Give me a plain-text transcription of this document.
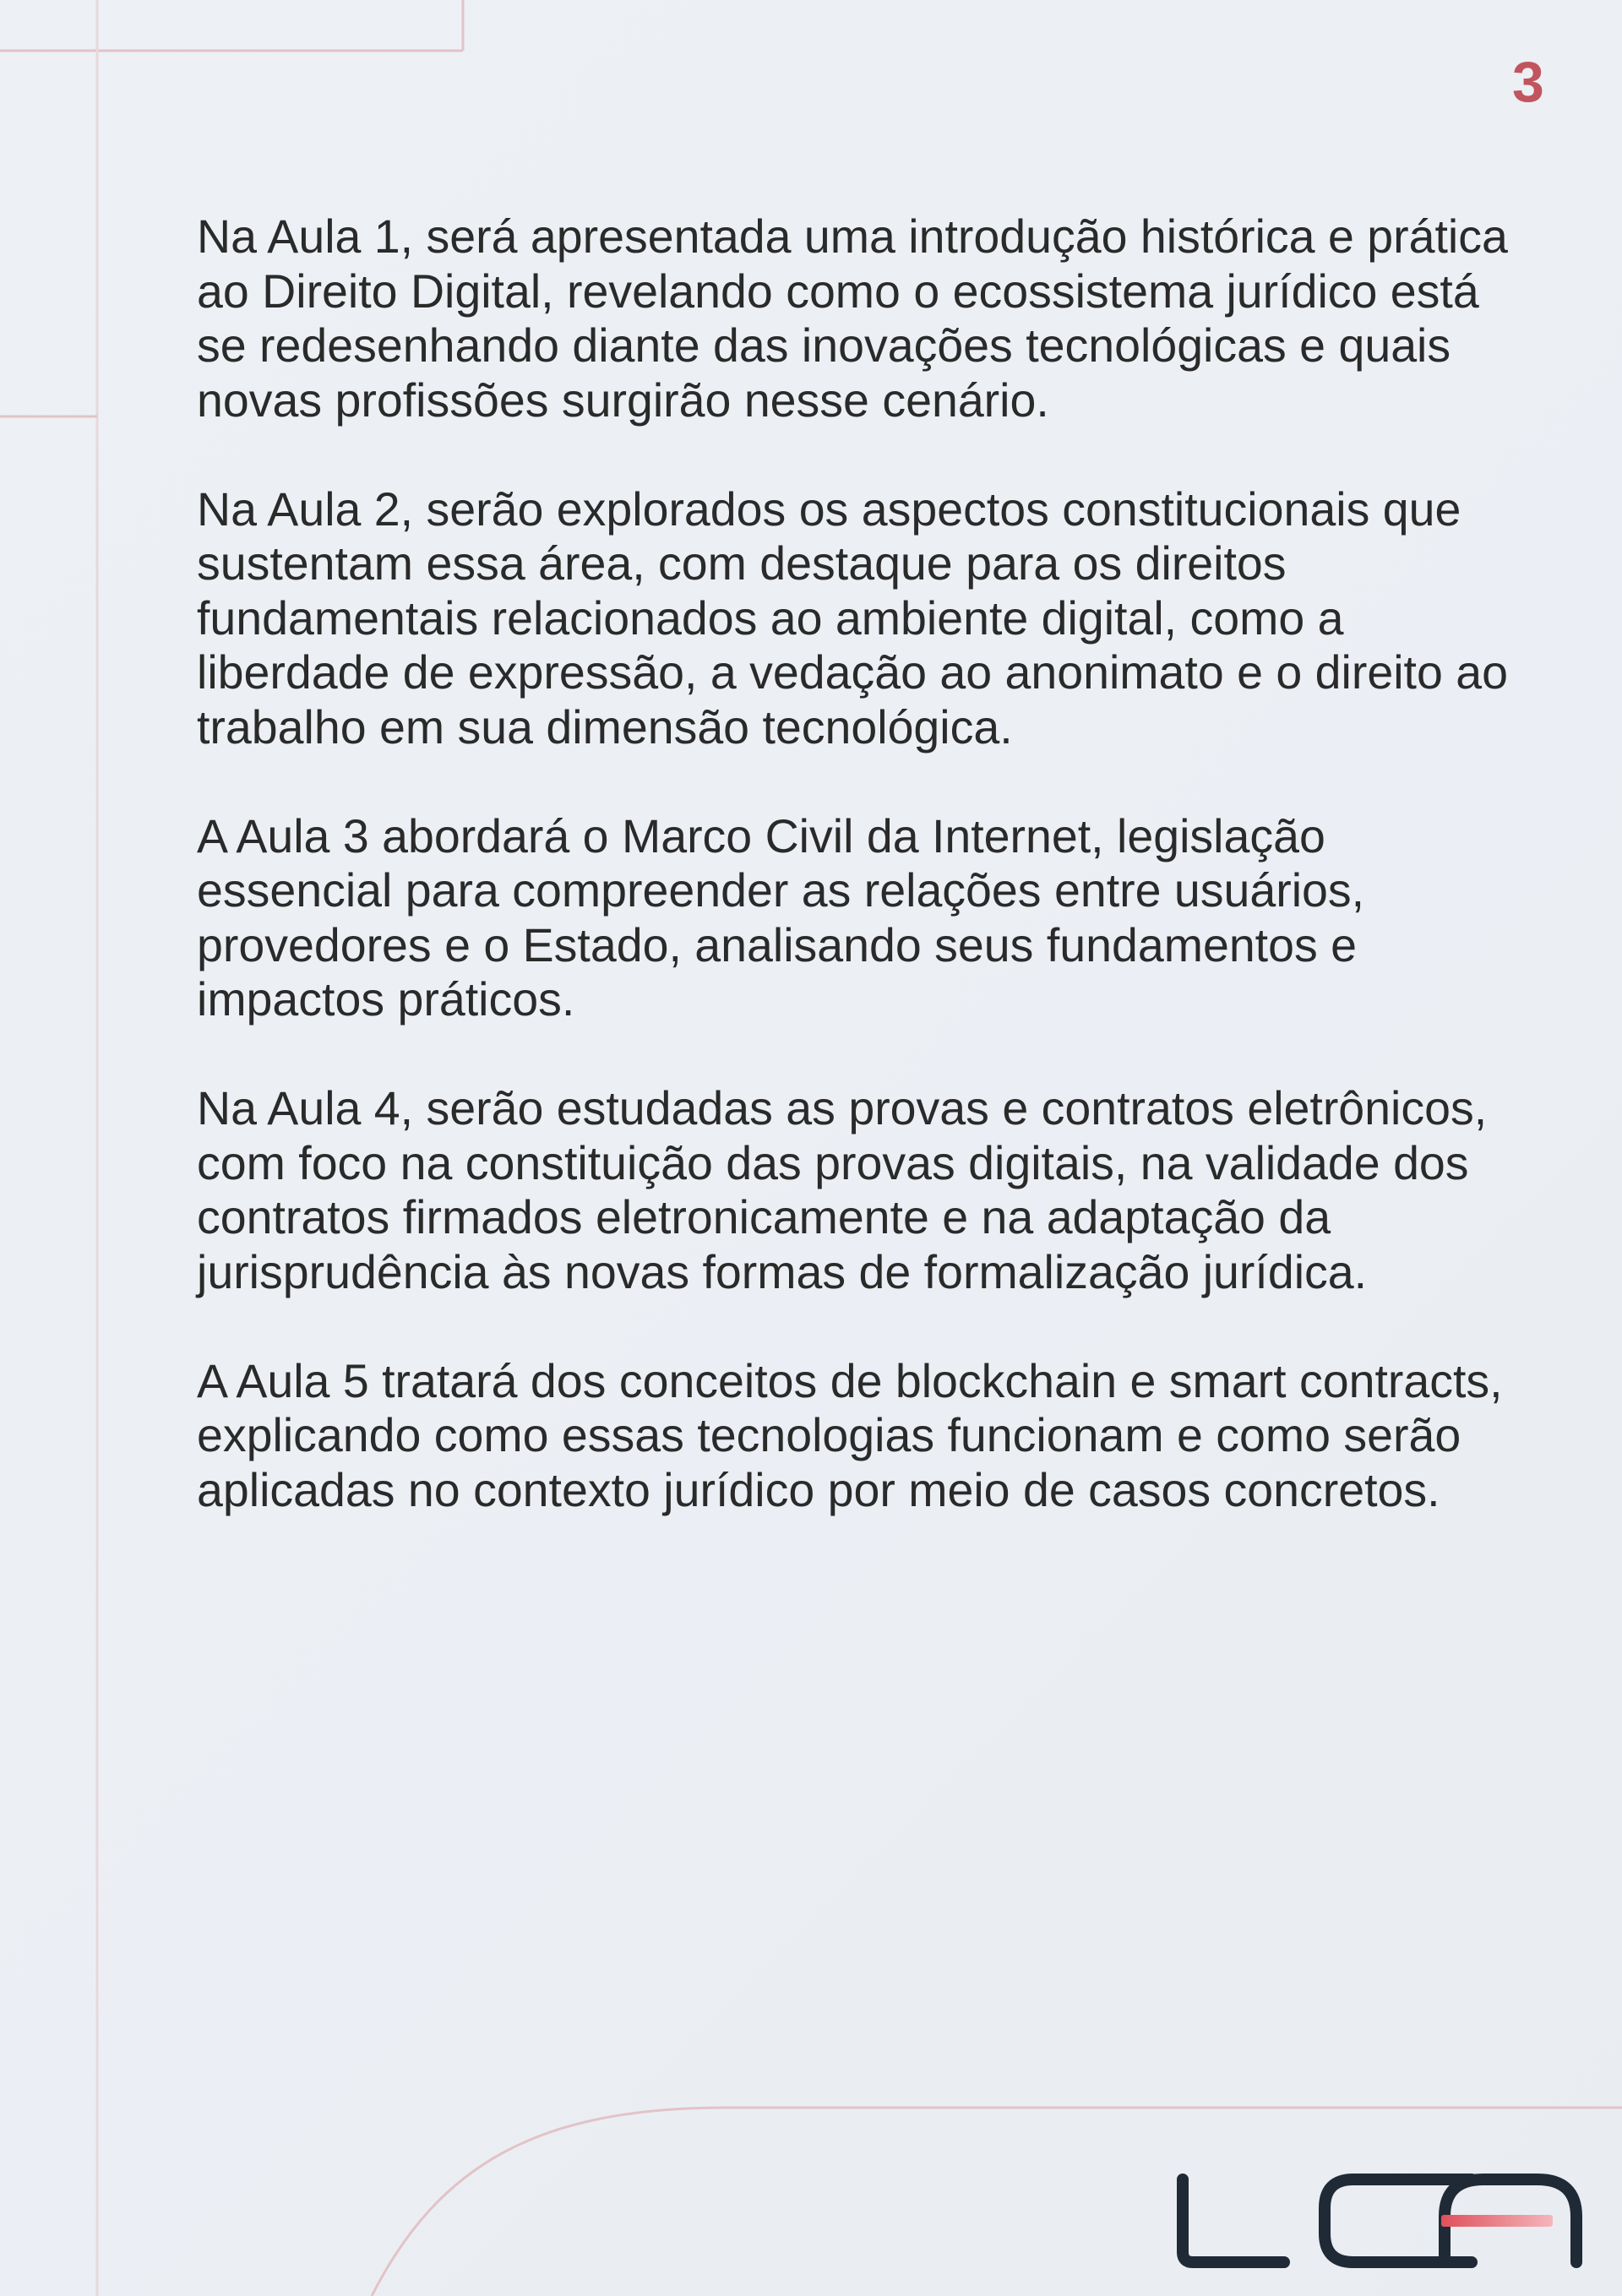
3

Na Aula 1, será apresentada uma introdução histórica e prática ao Direito Digital, revelando como o ecossistema jurídico está se redesenhando diante das inovações tecnológicas e quais novas profissões surgirão nesse cenário.

Na Aula 2, serão explorados os aspectos constitucionais que sustentam essa área, com destaque para os direitos fundamentais relacionados ao ambiente digital, como a liberdade de expressão, a vedação ao anonimato e o direito ao trabalho em sua dimensão tecnológica.

A Aula 3 abordará o Marco Civil da Internet, legislação essencial para compreender as relações entre usuários, provedores e o Estado, analisando seus fundamentos e impactos práticos.

Na Aula 4, serão estudadas as provas e contratos eletrônicos, com foco na constituição das provas digitais, na validade dos contratos firmados eletronicamente e na adaptação da jurisprudência às novas formas de formalização jurídica.

A Aula 5 tratará dos conceitos de blockchain e smart contracts, explicando como essas tecnologias funcionam e como serão aplicadas no contexto jurídico por meio de casos concretos.
